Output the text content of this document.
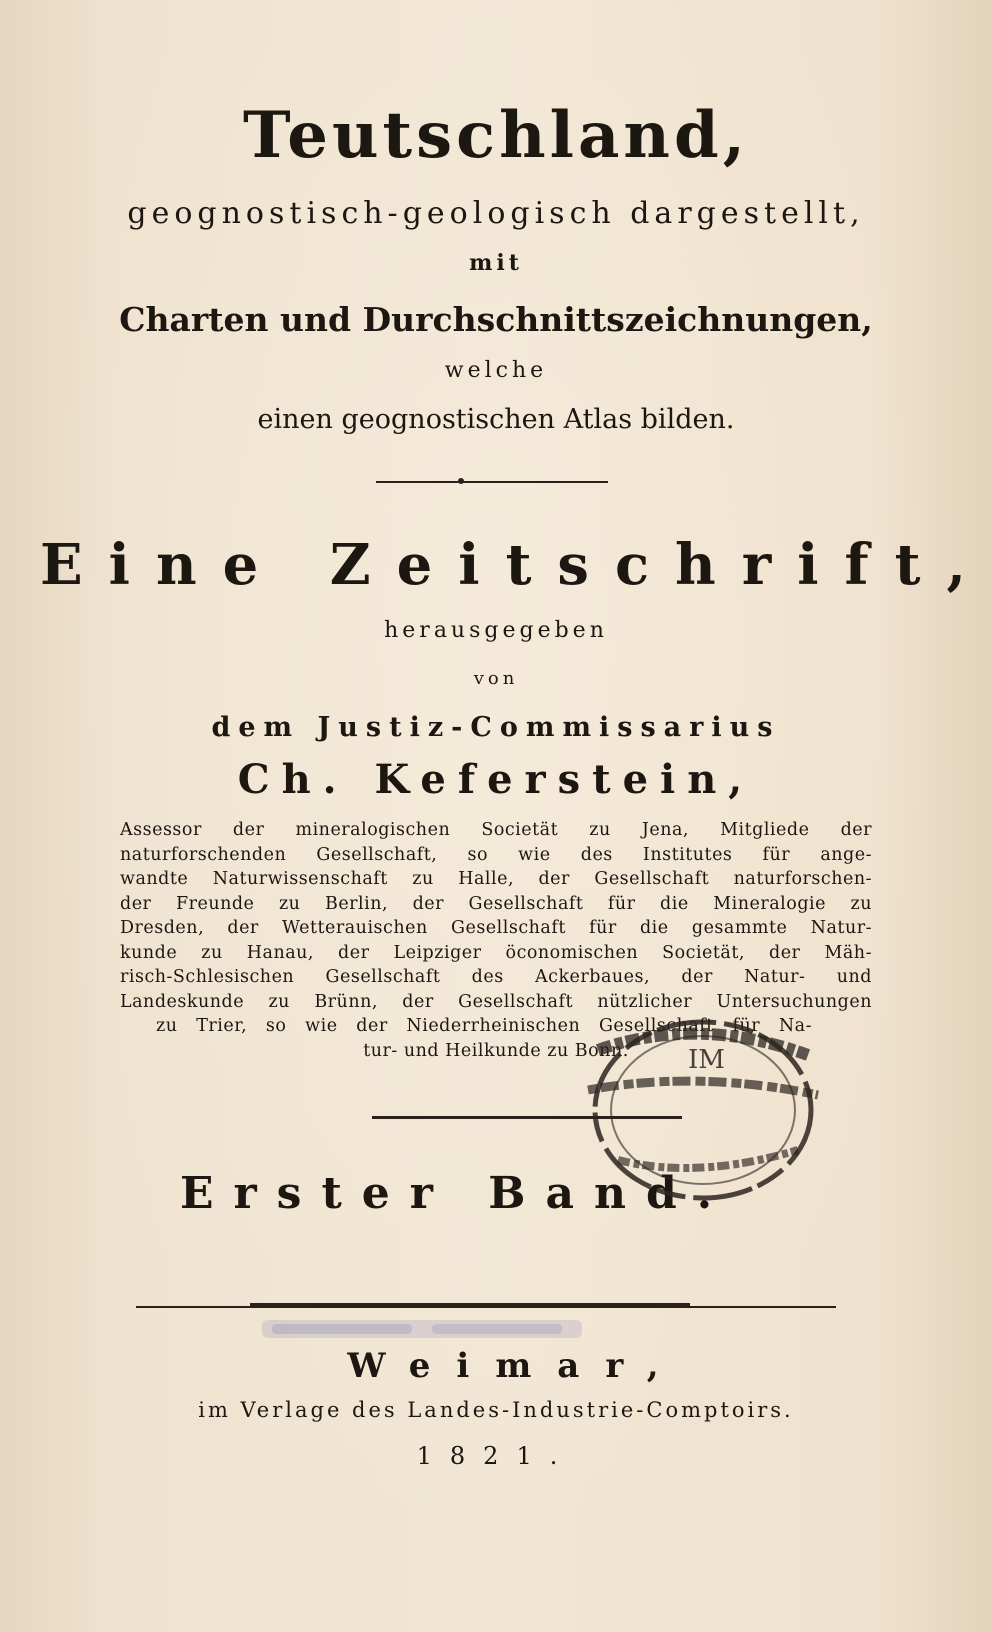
Teutschland,
geognostisch-geologisch dargestellt,
mit
Charten und Durchschnittszeichnungen,
welche
einen geognostischen Atlas bilden.
Eine Zeitschrift,
herausgegeben
von
dem Justiz-Commissarius
Ch. Keferstein,
Assessor der mineralogischen Societät zu Jena, Mitgliede der
naturforschenden Gesellschaft, so wie des Institutes für ange-
wandte Naturwissenschaft zu Halle, der Gesellschaft naturforschen-
der Freunde zu Berlin, der Gesellschaft für die Mineralogie zu
Dresden, der Wetterauischen Gesellschaft für die gesammte Natur-
kunde zu Hanau, der Leipziger öconomischen Societät, der Mäh-
risch-Schlesischen Gesellschaft des Ackerbaues, der Natur- und
Landeskunde zu Brünn, der Gesellschaft nützlicher Untersuchungen
zu Trier, so wie der Niederrheinischen Gesellschaft für Na-
tur- und Heilkunde zu Bonn.
Erster Band.
Weimar,
im Verlage des Landes-Industrie-Comptoirs.
1821.
IM
